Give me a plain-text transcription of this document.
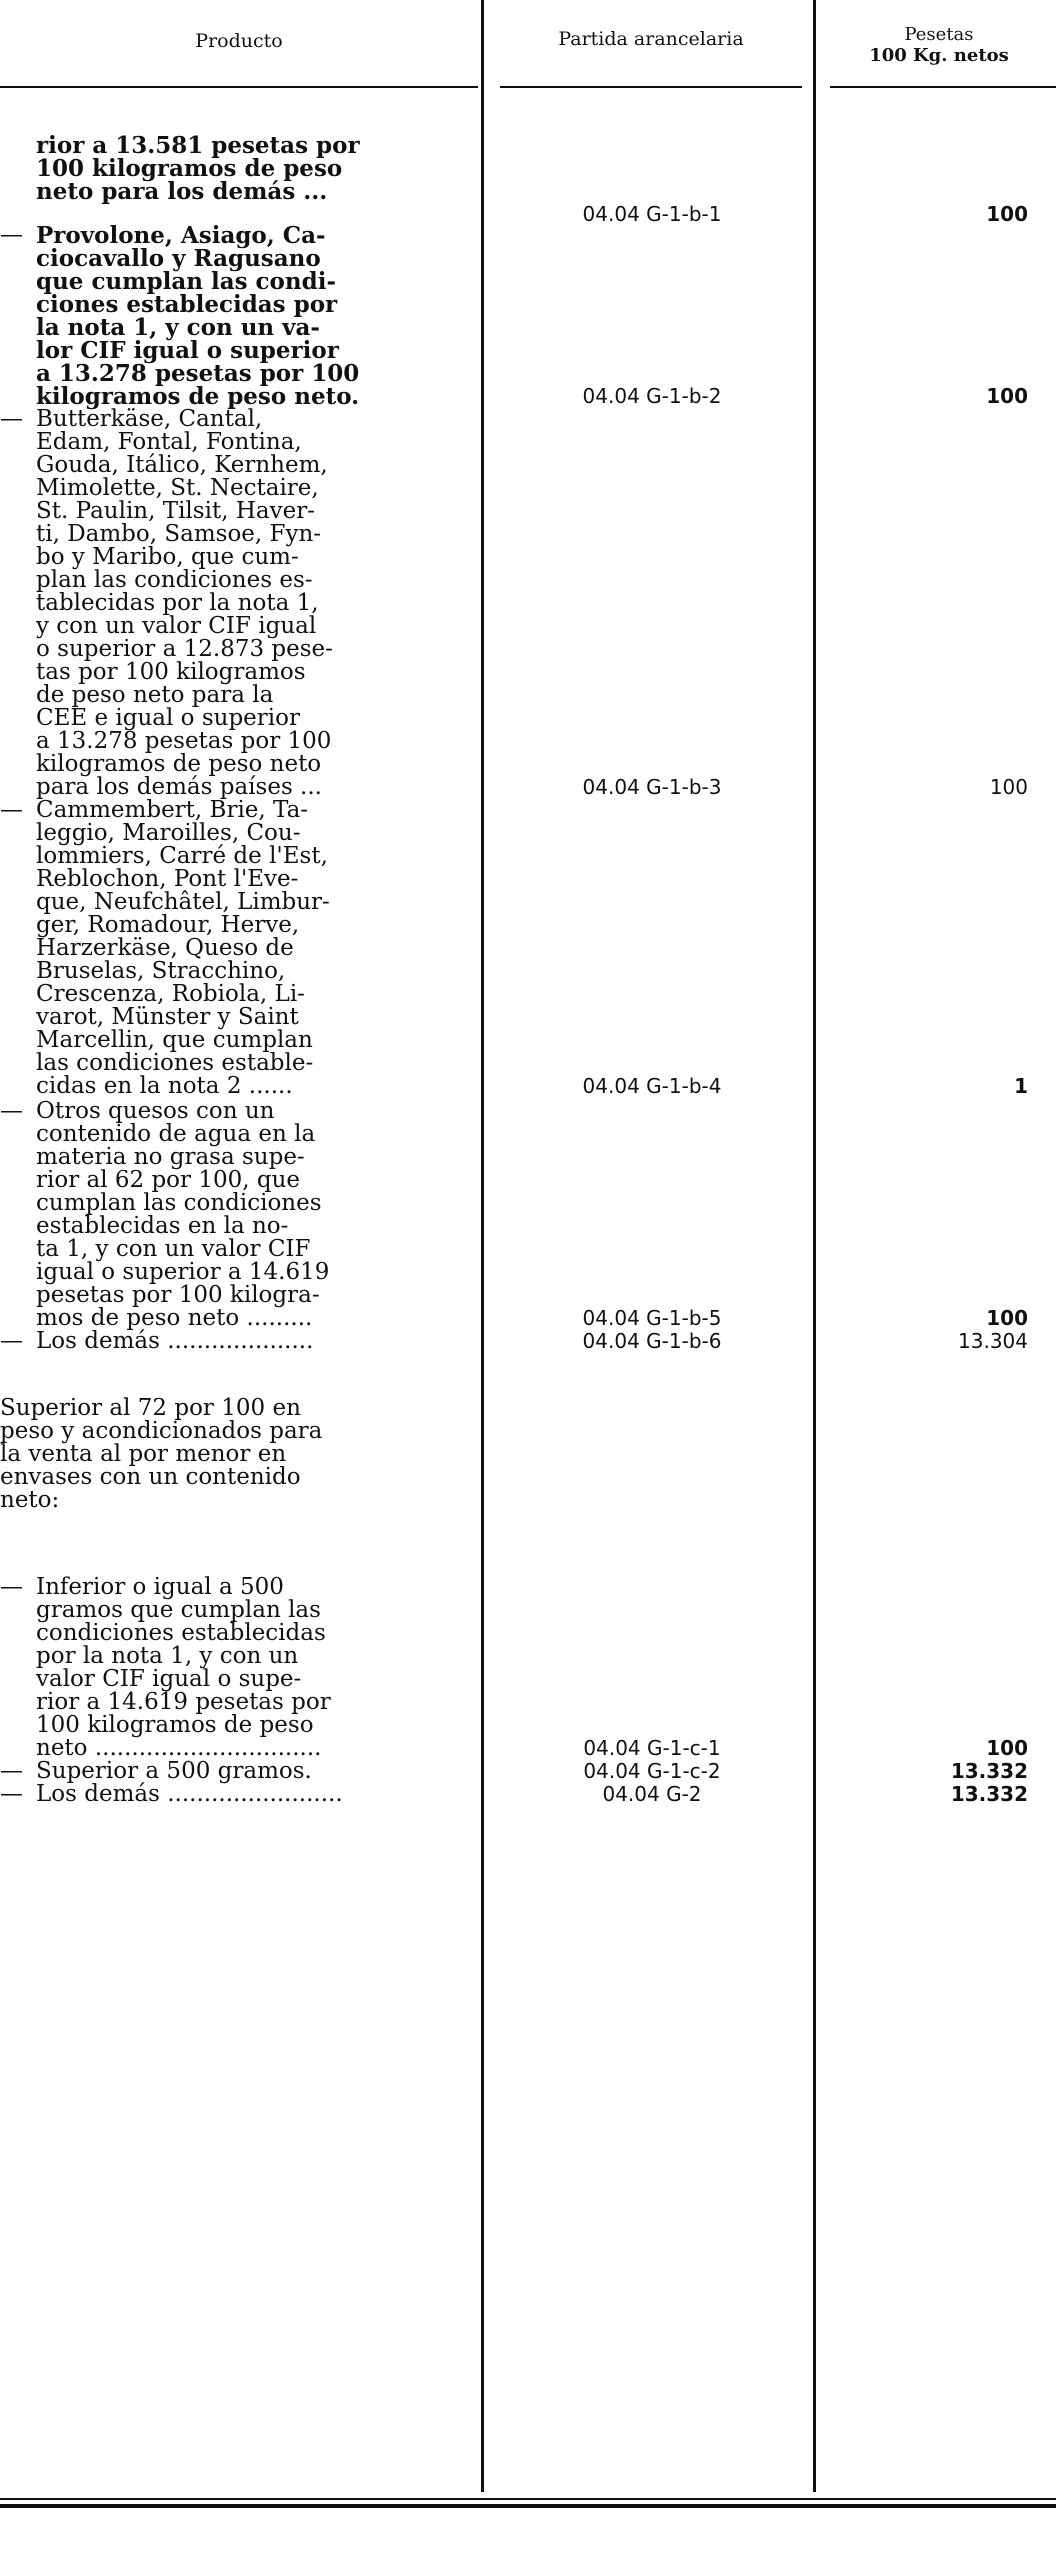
Producto	Partida arancelaria	Pesetas
100 Kg. netos
rior a 13.581 pesetas por
100 kilogramos de peso
neto para los demás ...
04.04 G-1-b-1	100
— Provolone, Asiago, Ca-
ciocavallo y Ragusano
que cumplan las condi-
ciones establecidas por
la nota 1, y con un va-
lor CIF igual o superior
a 13.278 pesetas por 100
kilogramos de peso neto.	04.04 G-1-b-2	100
— Butterkäse, Cantal,
Edam, Fontal, Fontina,
Gouda, Itálico, Kernhem,
Mimolette, St. Nectaire,
St. Paulin, Tilsit, Haver-
ti, Dambo, Samsoe, Fyn-
bo y Maribo, que cum-
plan las condiciones es-
tablecidas por la nota 1,
y con un valor CIF igual
o superior a 12.873 pese-
tas por 100 kilogramos
de peso neto para la
CEE e igual o superior
a 13.278 pesetas por 100
kilogramos de peso neto
para los demás países ...	04.04 G-1-b-3	100
— Cammembert, Brie, Ta-
leggio, Maroilles, Cou-
lommiers, Carré de l'Est,
Reblochon, Pont l'Eve-
que, Neufchâtel, Limbur-
ger, Romadour, Herve,
Harzerkäse, Queso de
Bruselas, Stracchino,
Crescenza, Robiola, Li-
varot, Münster y Saint
Marcellin, que cumplan
las condiciones estable-
cidas en la nota 2 ......	04.04 G-1-b-4	1
— Otros quesos con un
contenido de agua en la
materia no grasa supe-
rior al 62 por 100, que
cumplan las condiciones
establecidas en la no-
ta 1, y con un valor CIF
igual o superior a 14.619
pesetas por 100 kilogra-
mos de peso neto .........	04.04 G-1-b-5	100
— Los demás ....................	04.04 G-1-b-6	13.304
Superior al 72 por 100 en
peso y acondicionados para
la venta al por menor en
envases con un contenido
neto:
— Inferior o igual a 500
gramos que cumplan las
condiciones establecidas
por la nota 1, y con un
valor CIF igual o supe-
rior a 14.619 pesetas por
100 kilogramos de peso
neto ...............................	04.04 G-1-c-1	100
— Superior a 500 gramos.	04.04 G-1-c-2	13.332
— Los demás ........................	04.04 G-2	13.332
